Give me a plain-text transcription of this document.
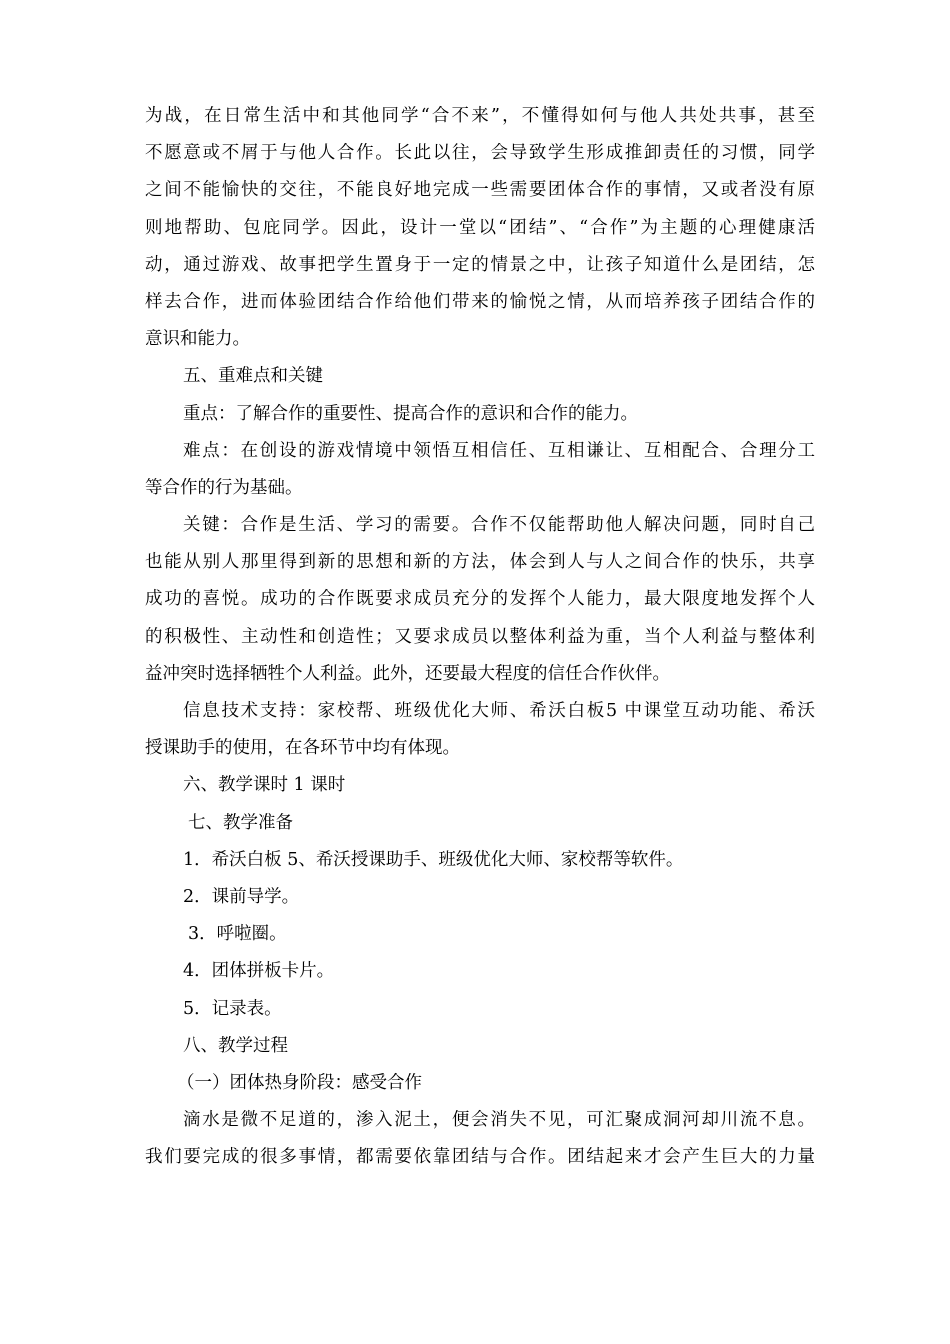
为战，在日常生活中和其他同学“合不来”，不懂得如何与他人共处共事，甚至
不愿意或不屑于与他人合作。长此以往，会导致学生形成推卸责任的习惯，同学
之间不能愉快的交往，不能良好地完成一些需要团体合作的事情，又或者没有原
则地帮助、包庇同学。因此，设计一堂以“团结”、“合作”为主题的心理健康活
动，通过游戏、故事把学生置身于一定的情景之中，让孩子知道什么是团结，怎
样去合作，进而体验团结合作给他们带来的愉悦之情，从而培养孩子团结合作的
意识和能力。
五、重难点和关键
重点：了解合作的重要性、提高合作的意识和合作的能力。
难点：在创设的游戏情境中领悟互相信任、互相谦让、互相配合、合理分工
等合作的行为基础。
关键：合作是生活、学习的需要。合作不仅能帮助他人解决问题，同时自己
也能从别人那里得到新的思想和新的方法，体会到人与人之间合作的快乐，共享
成功的喜悦。成功的合作既要求成员充分的发挥个人能力，最大限度地发挥个人
的积极性、主动性和创造性；又要求成员以整体利益为重，当个人利益与整体利
益冲突时选择牺牲个人利益。此外，还要最大程度的信任合作伙伴。
信息技术支持：家校帮、班级优化大师、希沃白板5 中课堂互动功能、希沃
授课助手的使用，在各环节中均有体现。
六、教学课时 1 课时
七、教学准备
1．希沃白板 5、希沃授课助手、班级优化大师、家校帮等软件。
2．课前导学。
3．呼啦圈。
4．团体拼板卡片。
5．记录表。
八、教学过程
（一）团体热身阶段：感受合作
滴水是微不足道的，渗入泥土，便会消失不见，可汇聚成洞河却川流不息。
我们要完成的很多事情，都需要依靠团结与合作。团结起来才会产生巨大的力量
